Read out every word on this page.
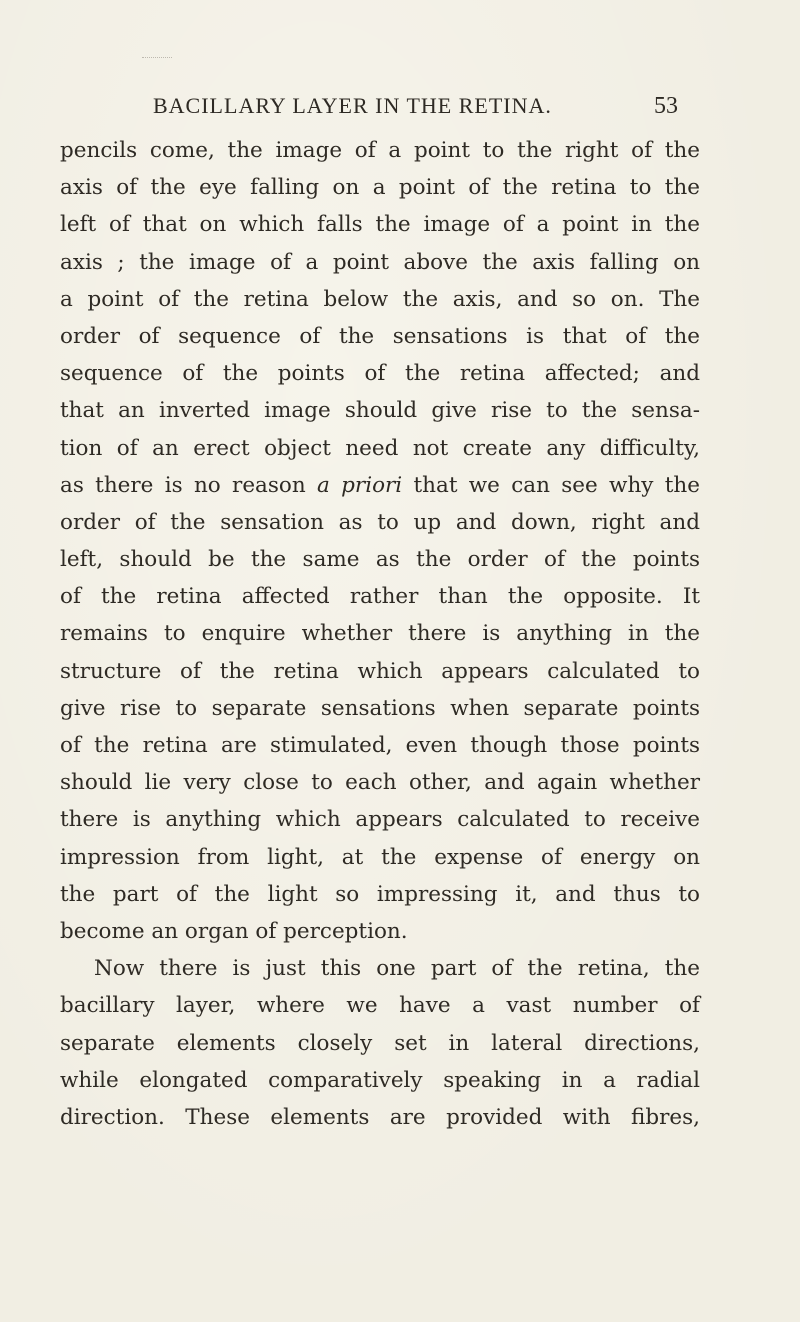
BACILLARY LAYER IN THE RETINA.	53
pencils come, the image of a point to the right of the
axis of the eye falling on a point of the retina to the
left of that on which falls the image of a point in the
axis ; the image of a point above the axis falling on
a point of the retina below the axis, and so on. The
order of sequence of the sensations is that of the
sequence of the points of the retina affected; and
that an inverted image should give rise to the sensa-
tion of an erect object need not create any difficulty,
as there is no reason a priori that we can see why the
order of the sensation as to up and down, right and
left, should be the same as the order of the points
of the retina affected rather than the opposite. It
remains to enquire whether there is anything in the
structure of the retina which appears calculated to
give rise to separate sensations when separate points
of the retina are stimulated, even though those points
should lie very close to each other, and again whether
there is anything which appears calculated to receive
impression from light, at the expense of energy on
the part of the light so impressing it, and thus to
become an organ of perception.
Now there is just this one part of the retina, the
bacillary layer, where we have a vast number of
separate elements closely set in lateral directions,
while elongated comparatively speaking in a radial
direction. These elements are provided with fibres,
